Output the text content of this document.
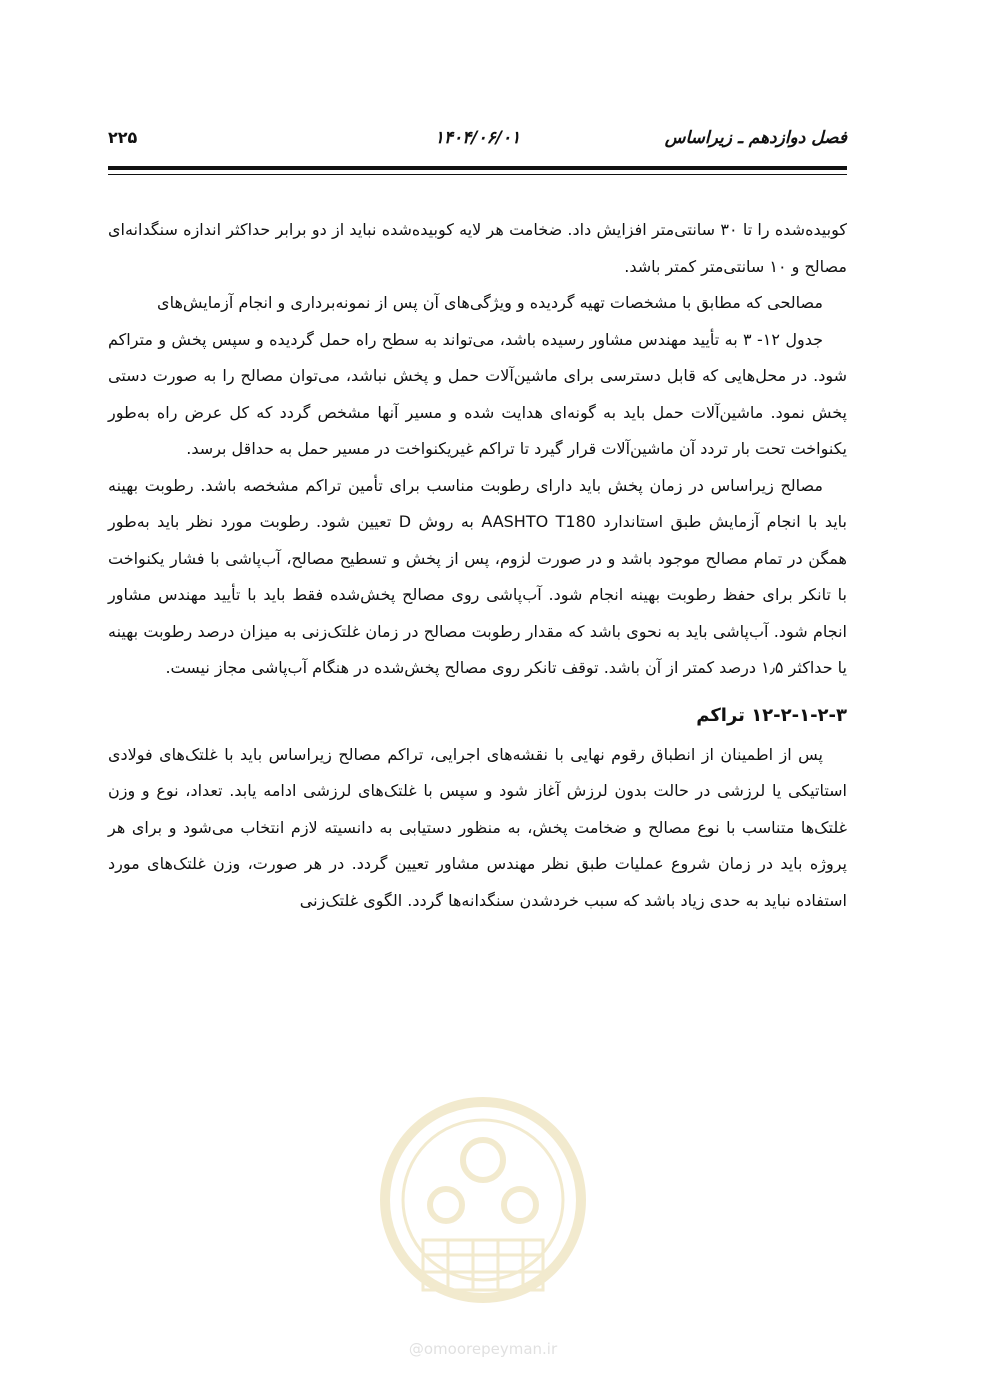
فصل دوازدهم ـ زیراساس
۱۴۰۴/۰۶/۰۱
۲۲۵

کوبیده‌شده را تا ۳۰ سانتی‌متر افزایش داد. ضخامت هر لایه کوبیده‌شده نباید از دو برابر حداکثر اندازه سنگدانه‌ای مصالح و ۱۰ سانتی‌متر کمتر باشد.

مصالحی که مطابق با مشخصات تهیه گردیده و ویژگی‌های آن پس از نمونه‌برداری و انجام آزمایش‌های

جدول ۱۲- ۳ به تأیید مهندس مشاور رسیده باشد، می‌تواند به سطح راه حمل گردیده و سپس پخش و متراکم شود. در محل‌هایی که قابل دسترسی برای ماشین‌آلات حمل و پخش نباشد، می‌توان مصالح را به صورت دستی پخش نمود. ماشین‌آلات حمل باید به گونه‌ای هدایت شده و مسیر آنها مشخص گردد که کل عرض راه به‌طور یکنواخت تحت بار تردد آن ماشین‌آلات قرار گیرد تا تراکم غیریکنواخت در مسیر حمل به حداقل برسد.

مصالح زیراساس در زمان پخش باید دارای رطوبت مناسب برای تأمین تراکم مشخصه باشد. رطوبت بهینه باید با انجام آزمایش طبق استاندارد AASHTO T180 به روش D تعیین شود. رطوبت مورد نظر باید به‌طور همگن در تمام مصالح موجود باشد و در صورت لزوم، پس از پخش و تسطیح مصالح، آب‌پاشی با فشار یکنواخت با تانکر برای حفظ رطوبت بهینه انجام شود. آب‌پاشی روی مصالح پخش‌شده فقط باید با تأیید مهندس مشاور انجام شود. آب‌پاشی باید به نحوی باشد که مقدار رطوبت مصالح در زمان غلتک‌زنی به میزان درصد رطوبت بهینه یا حداکثر ۱٫۵ درصد کمتر از آن باشد. توقف تانکر روی مصالح پخش‌شده در هنگام آب‌پاشی مجاز نیست.

۱۲-۲-۱-۲-۳ تراکم

پس از اطمینان از انطباق رقوم نهایی با نقشه‌های اجرایی، تراکم مصالح زیراساس باید با غلتک‌های فولادی استاتیکی یا لرزشی در حالت بدون لرزش آغاز شود و سپس با غلتک‌های لرزشی ادامه یابد. تعداد، نوع و وزن غلتک‌ها متناسب با نوع مصالح و ضخامت پخش، به منظور دستیابی به دانسیته لازم انتخاب می‌شود و برای هر پروژه باید در زمان شروع عملیات طبق نظر مهندس مشاور تعیین گردد. در هر صورت، وزن غلتک‌های مورد استفاده نباید به حدی زیاد باشد که سبب خردشدن سنگدانه‌ها گردد. الگوی غلتک‌زنی

@omoorepeyman.ir
